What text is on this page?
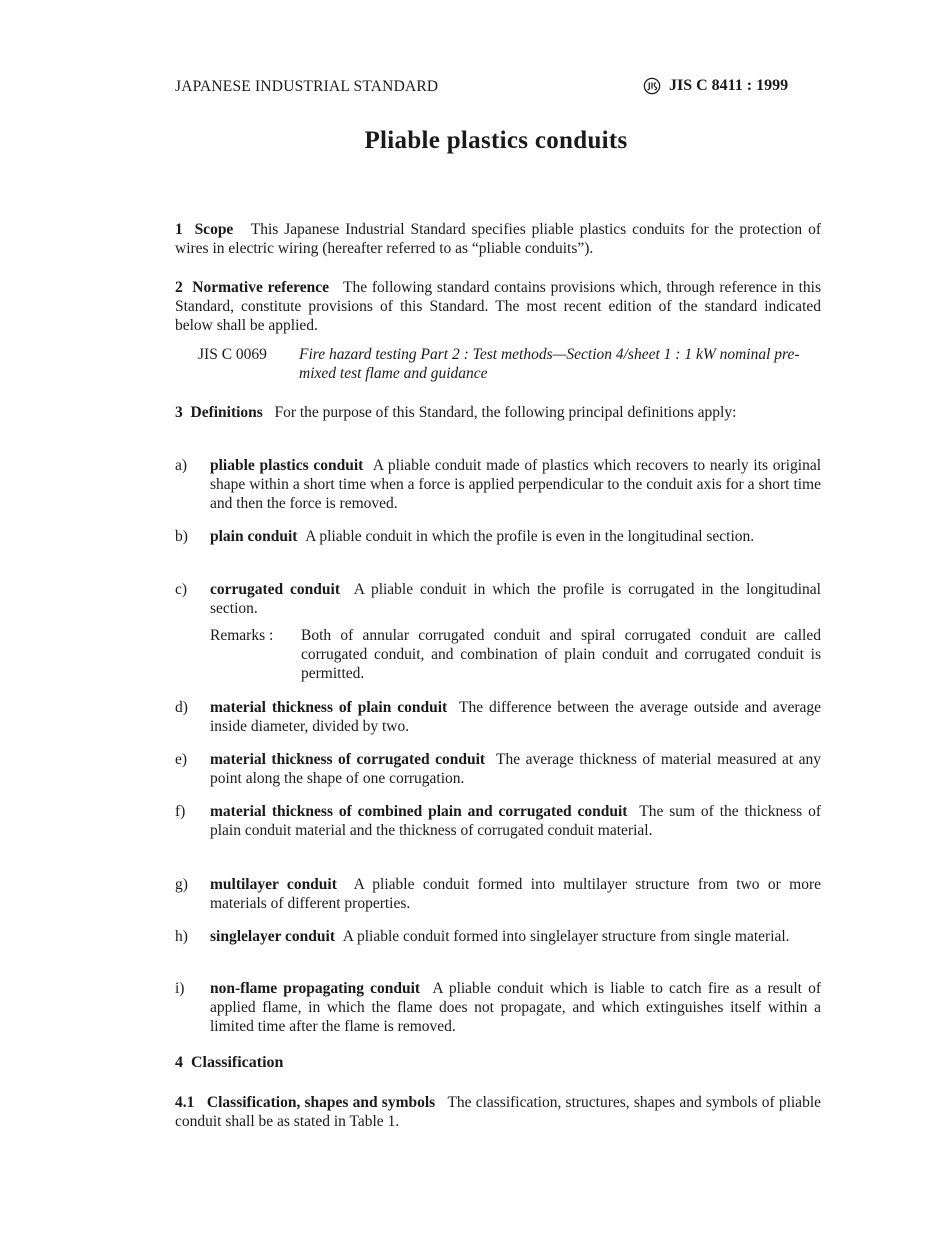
JAPANESE INDUSTRIAL STANDARD	JIS C 8411 : 1999
Pliable plastics conduits
1 Scope This Japanese Industrial Standard specifies pliable plastics conduits for the protection of wires in electric wiring (hereafter referred to as “pliable conduits”).
2 Normative reference The following standard contains provisions which, through reference in this Standard, constitute provisions of this Standard. The most recent edition of the standard indicated below shall be applied.
JIS C 0069 Fire hazard testing Part 2 : Test methods—Section 4/sheet 1 : 1 kW nominal pre-mixed test flame and guidance
3 Definitions For the purpose of this Standard, the following principal definitions apply:
a)	pliable plastics conduit A pliable conduit made of plastics which recovers to nearly its original shape within a short time when a force is applied perpendicular to the conduit axis for a short time and then the force is removed.
b)	plain conduit A pliable conduit in which the profile is even in the longitudinal section.
c)	corrugated conduit A pliable conduit in which the profile is corrugated in the longitudinal section.
Remarks : Both of annular corrugated conduit and spiral corrugated conduit are called corrugated conduit, and combination of plain conduit and corrugated conduit is permitted.
d)	material thickness of plain conduit The difference between the average outside and average inside diameter, divided by two.
e)	material thickness of corrugated conduit The average thickness of material measured at any point along the shape of one corrugation.
f)	material thickness of combined plain and corrugated conduit The sum of the thickness of plain conduit material and the thickness of corrugated conduit material.
g)	multilayer conduit A pliable conduit formed into multilayer structure from two or more materials of different properties.
h)	singlelayer conduit A pliable conduit formed into singlelayer structure from single material.
i)	non-flame propagating conduit A pliable conduit which is liable to catch fire as a result of applied flame, in which the flame does not propagate, and which extinguishes itself within a limited time after the flame is removed.
4 Classification
4.1 Classification, shapes and symbols The classification, structures, shapes and symbols of pliable conduit shall be as stated in Table 1.
